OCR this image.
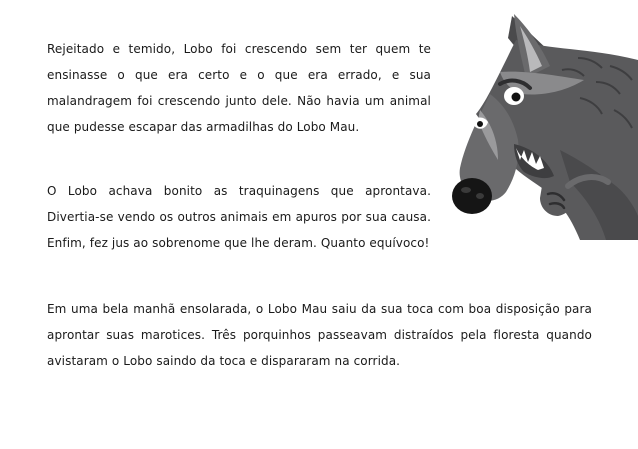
Rejeitado e temido, Lobo foi crescendo sem ter quem te ensinasse o que era certo e o que era errado, e sua malandragem foi crescendo junto dele. Não havia um animal que pudesse escapar das armadilhas do Lobo Mau.

O Lobo achava bonito as traquinagens que aprontava. Divertia-se vendo os outros animais em apuros por sua causa. Enfim, fez jus ao sobrenome que lhe deram. Quanto equívoco!

Em uma bela manhã ensolarada, o Lobo Mau saiu da sua toca com boa disposição para aprontar suas marotices. Três porquinhos passeavam distraídos pela floresta quando avistaram o Lobo saindo da toca e dispararam na corrida.
